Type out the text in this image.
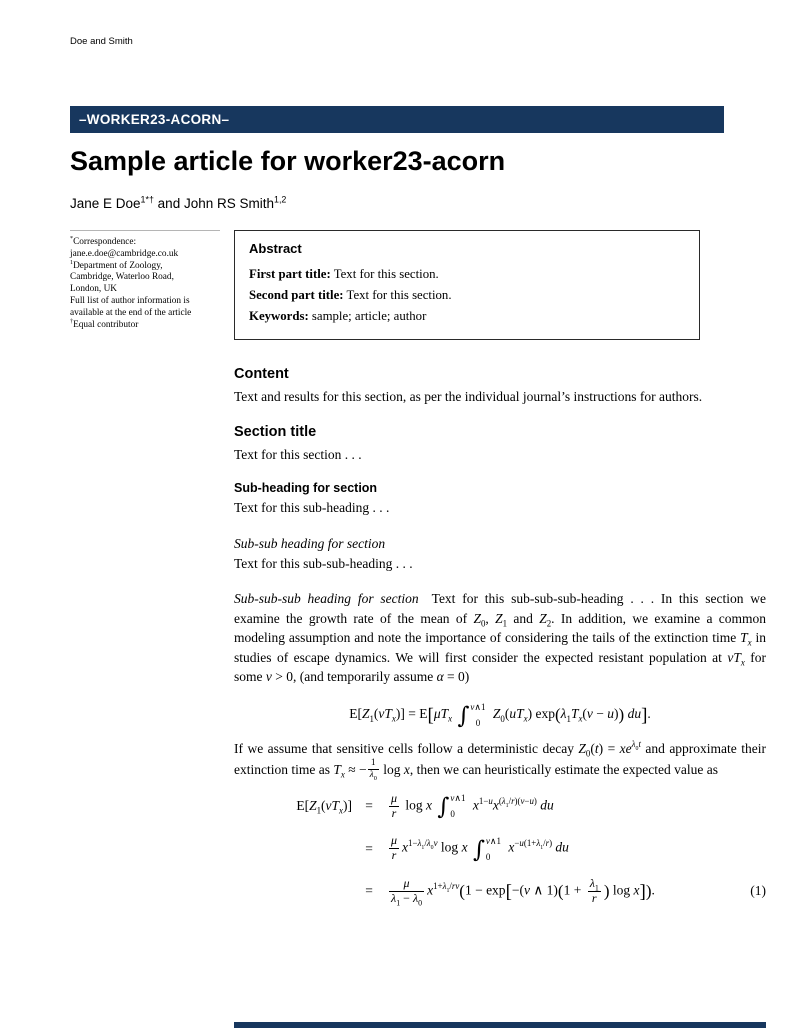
Doe and Smith
–WORKER23-ACORN–
Sample article for worker23-acorn
Jane E Doe$^{1*\dagger}$ and John RS Smith$^{1,2}$
*Correspondence:
jane.e.doe@cambridge.co.uk
$^1$Department of Zoology,
Cambridge, Waterloo Road,
London, UK
Full list of author information is
available at the end of the article
†Equal contributor
Abstract
First part title: Text for this section.
Second part title: Text for this section.
Keywords: sample; article; author
Content

Text and results for this section, as per the individual journal’s instructions for authors.

Section title

Text for this section . . .

Sub-heading for section

Text for this sub-heading . . .

Sub-sub heading for section

Text for this sub-sub-heading . . .

Sub-sub-sub heading for section Text for this sub-sub-sub-heading . . . In this section we examine the growth rate of the mean of $Z_0$, $Z_1$ and $Z_2$. In addition, we examine a common modeling assumption and note the importance of considering the tails of the extinction time $T_x$ in studies of escape dynamics. We will first consider the expected resistant population at $vT_x$ for some v > 0, (and temporarily assume α = 0)

$E[Z_1(vT_x)] = E[\mu T_x$ ∫ v∧1
0
$Z_0(uT_x) \exp(\lambda_1T_x(v - u))$ du].

If we assume that sensitive cells follow a deterministic decay $Z_0(t) = xe^{\lambda_0t}$ and approximate their extinction time as $T_x$ ≈ − $\frac{1}{\lambda_0}$ log x, then we can heuristically estimate the expected value as

$E[Z_1(vT_x)]$	=	$\frac{\mu}{r}$ log x ∫ v∧1
0
$x^{1-u}x^{(\lambda_1/r)(v-u)}$ du	
	=	$\frac{\mu}{r} x^{1-\lambda_1/\lambda_0v}$ log x ∫ v∧1
0
$x^{-u(1+\lambda_1/r)}$ du	
	=	$\frac{\mu}{\lambda_1 - \lambda_0} x^{1+\lambda_1/rv}(1 - \exp[-(v$ ∧ $1)(1 + \frac{\lambda_1}{r}$ ) log x]).	(1)
